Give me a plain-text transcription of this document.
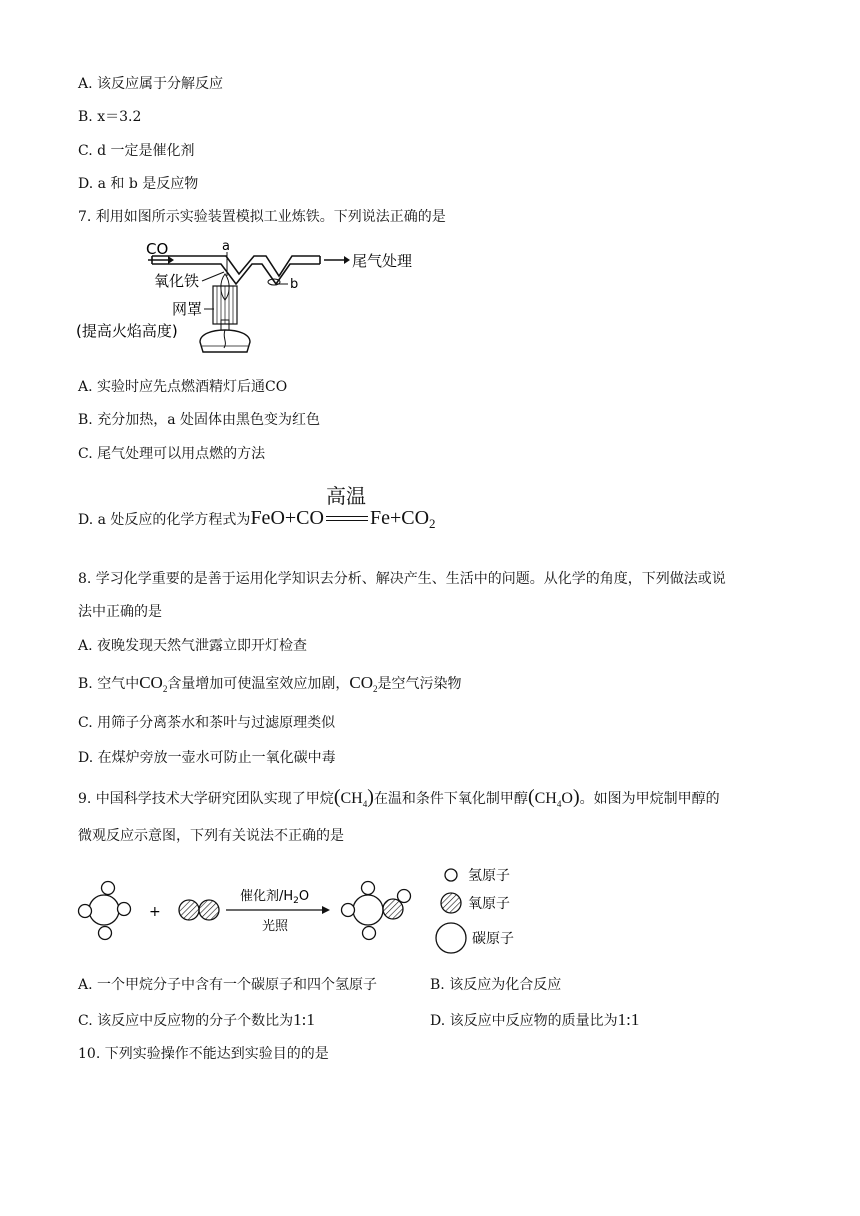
A. 该反应属于分解反应
B. x＝3.2
C. d 一定是催化剂
D. a 和 b 是反应物
7. 利用如图所示实验装置模拟工业炼铁。下列说法正确的是
CO	a
b
尾气处理
氧化铁
网罩
(提高火焰高度)
A. 实验时应先点燃酒精灯后通CO
B. 充分加热，a 处固体由黑色变为红色
C. 尾气处理可以用点燃的方法
D. a 处反应的化学方程式为FeO+CO
高温
$Fe+CO_2$
8. 学习化学重要的是善于运用化学知识去分析、解决产生、生活中的问题。从化学的角度，下列做法或说
法中正确的是
A. 夜晚发现天然气泄露立即开灯检查
B. 空气中$CO_2$含量增加可使温室效应加剧，$CO_2$是空气污染物
C. 用筛子分离茶水和茶叶与过滤原理类似
D. 在煤炉旁放一壶水可防止一氧化碳中毒
9. 中国科学技术大学研究团队实现了甲烷$(CH_4)$在温和条件下氧化制甲醇$(CH_4O)$。如图为甲烷制甲醇的
微观反应示意图，下列有关说法不正确的是
+
催化剂$/H_2O$
光照
氢原子
氧原子
碳原子
A. 一个甲烷分子中含有一个碳原子和四个氢原子	B. 该反应为化合反应
C. 该反应中反应物的分子个数比为1:1	D. 该反应中反应物的质量比为1:1
10. 下列实验操作不能达到实验目的的是
